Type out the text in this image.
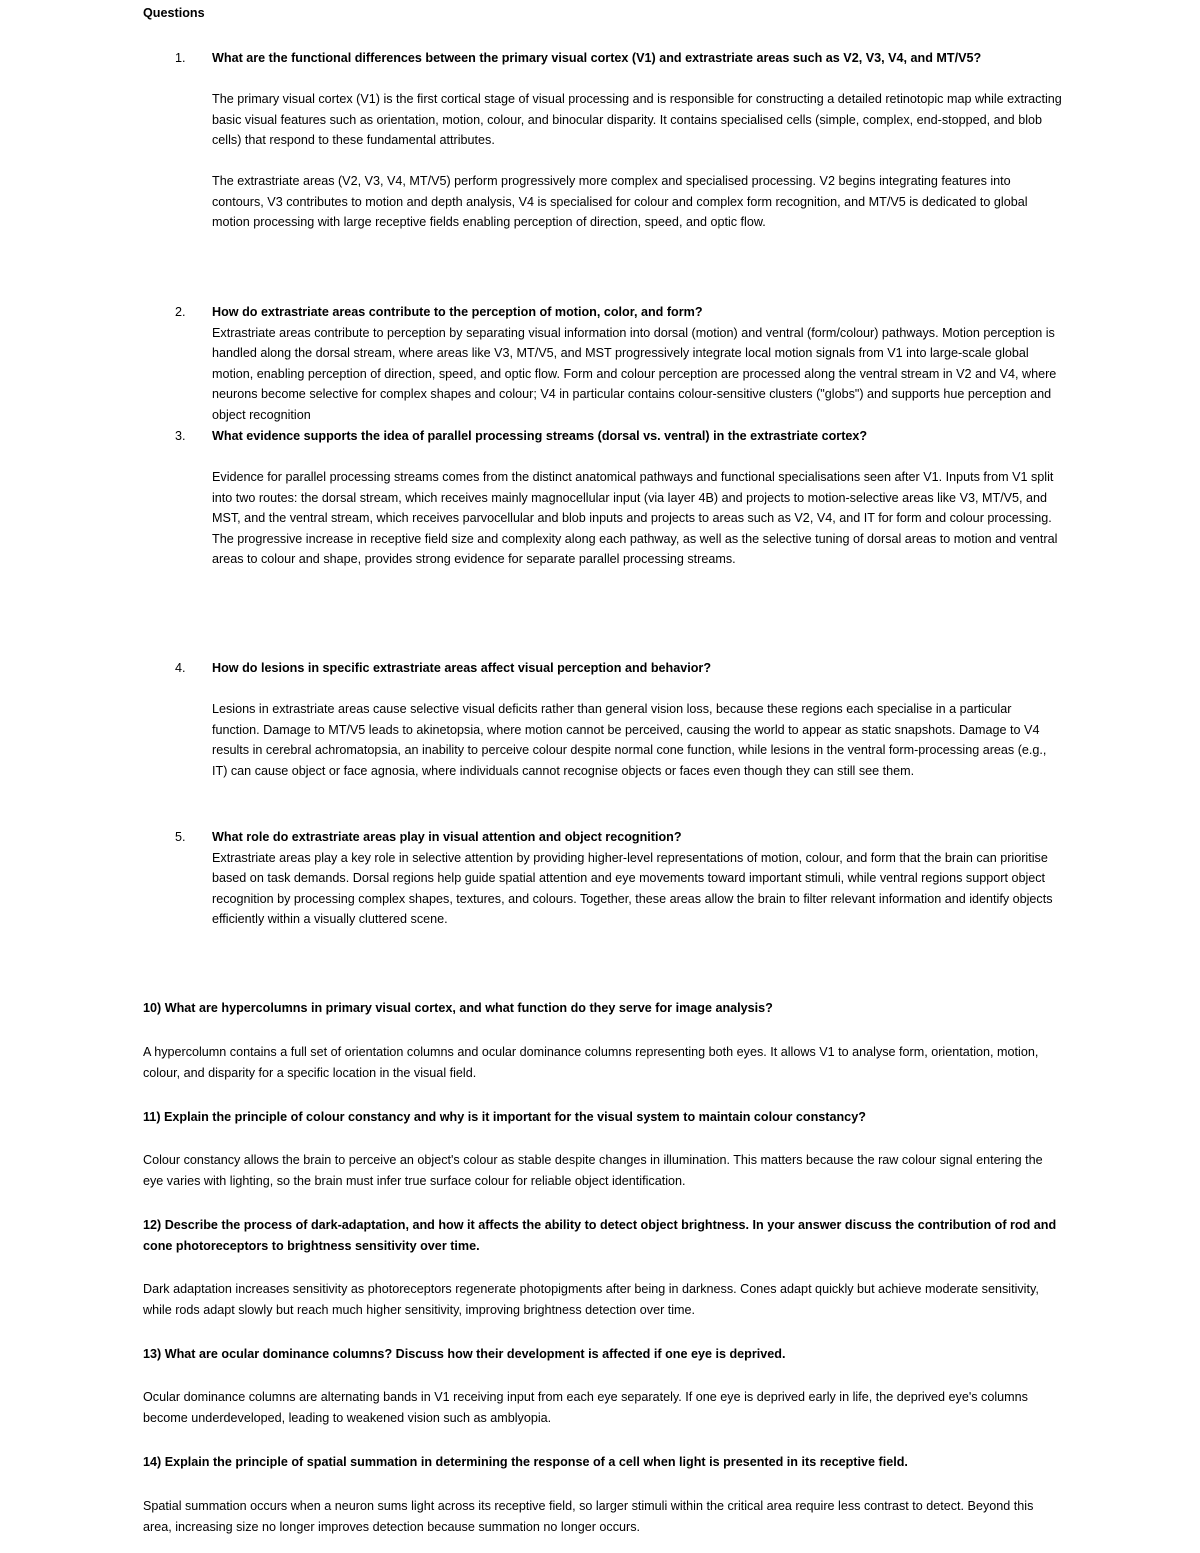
Questions
1.	What are the functional differences between the primary visual cortex (V1) and extrastriate areas such as V2, V3, V4, and MT/V5?
The primary visual cortex (V1) is the first cortical stage of visual processing and is responsible for constructing a detailed retinotopic map while extracting basic visual features such as orientation, motion, colour, and binocular disparity. It contains specialised cells (simple, complex, end-stopped, and blob cells) that respond to these fundamental attributes.
The extrastriate areas (V2, V3, V4, MT/V5) perform progressively more complex and specialised processing. V2 begins integrating features into contours, V3 contributes to motion and depth analysis, V4 is specialised for colour and complex form recognition, and MT/V5 is dedicated to global motion processing with large receptive fields enabling perception of direction, speed, and optic flow.
2.	How do extrastriate areas contribute to the perception of motion, color, and form?
Extrastriate areas contribute to perception by separating visual information into dorsal (motion) and ventral (form/colour) pathways. Motion perception is handled along the dorsal stream, where areas like V3, MT/V5, and MST progressively integrate local motion signals from V1 into large-scale global motion, enabling perception of direction, speed, and optic flow. Form and colour perception are processed along the ventral stream in V2 and V4, where neurons become selective for complex shapes and colour; V4 in particular contains colour-sensitive clusters ("globs") and supports hue perception and object recognition
3.	What evidence supports the idea of parallel processing streams (dorsal vs. ventral) in the extrastriate cortex?
Evidence for parallel processing streams comes from the distinct anatomical pathways and functional specialisations seen after V1. Inputs from V1 split into two routes: the dorsal stream, which receives mainly magnocellular input (via layer 4B) and projects to motion-selective areas like V3, MT/V5, and MST, and the ventral stream, which receives parvocellular and blob inputs and projects to areas such as V2, V4, and IT for form and colour processing. The progressive increase in receptive field size and complexity along each pathway, as well as the selective tuning of dorsal areas to motion and ventral areas to colour and shape, provides strong evidence for separate parallel processing streams.
4.	How do lesions in specific extrastriate areas affect visual perception and behavior?
Lesions in extrastriate areas cause selective visual deficits rather than general vision loss, because these regions each specialise in a particular function. Damage to MT/V5 leads to akinetopsia, where motion cannot be perceived, causing the world to appear as static snapshots. Damage to V4 results in cerebral achromatopsia, an inability to perceive colour despite normal cone function, while lesions in the ventral form-processing areas (e.g., IT) can cause object or face agnosia, where individuals cannot recognise objects or faces even though they can still see them.
5.	What role do extrastriate areas play in visual attention and object recognition?
Extrastriate areas play a key role in selective attention by providing higher-level representations of motion, colour, and form that the brain can prioritise based on task demands. Dorsal regions help guide spatial attention and eye movements toward important stimuli, while ventral regions support object recognition by processing complex shapes, textures, and colours. Together, these areas allow the brain to filter relevant information and identify objects efficiently within a visually cluttered scene.
10) What are hypercolumns in primary visual cortex, and what function do they serve for image analysis?
A hypercolumn contains a full set of orientation columns and ocular dominance columns representing both eyes. It allows V1 to analyse form, orientation, motion, colour, and disparity for a specific location in the visual field.
11) Explain the principle of colour constancy and why is it important for the visual system to maintain colour constancy?
Colour constancy allows the brain to perceive an object's colour as stable despite changes in illumination. This matters because the raw colour signal entering the eye varies with lighting, so the brain must infer true surface colour for reliable object identification.
12) Describe the process of dark-adaptation, and how it affects the ability to detect object brightness. In your answer discuss the contribution of rod and cone photoreceptors to brightness sensitivity over time.
Dark adaptation increases sensitivity as photoreceptors regenerate photopigments after being in darkness. Cones adapt quickly but achieve moderate sensitivity, while rods adapt slowly but reach much higher sensitivity, improving brightness detection over time.
13) What are ocular dominance columns? Discuss how their development is affected if one eye is deprived.
Ocular dominance columns are alternating bands in V1 receiving input from each eye separately. If one eye is deprived early in life, the deprived eye's columns become underdeveloped, leading to weakened vision such as amblyopia.
14) Explain the principle of spatial summation in determining the response of a cell when light is presented in its receptive field.
Spatial summation occurs when a neuron sums light across its receptive field, so larger stimuli within the critical area require less contrast to detect. Beyond this area, increasing size no longer improves detection because summation no longer occurs.
